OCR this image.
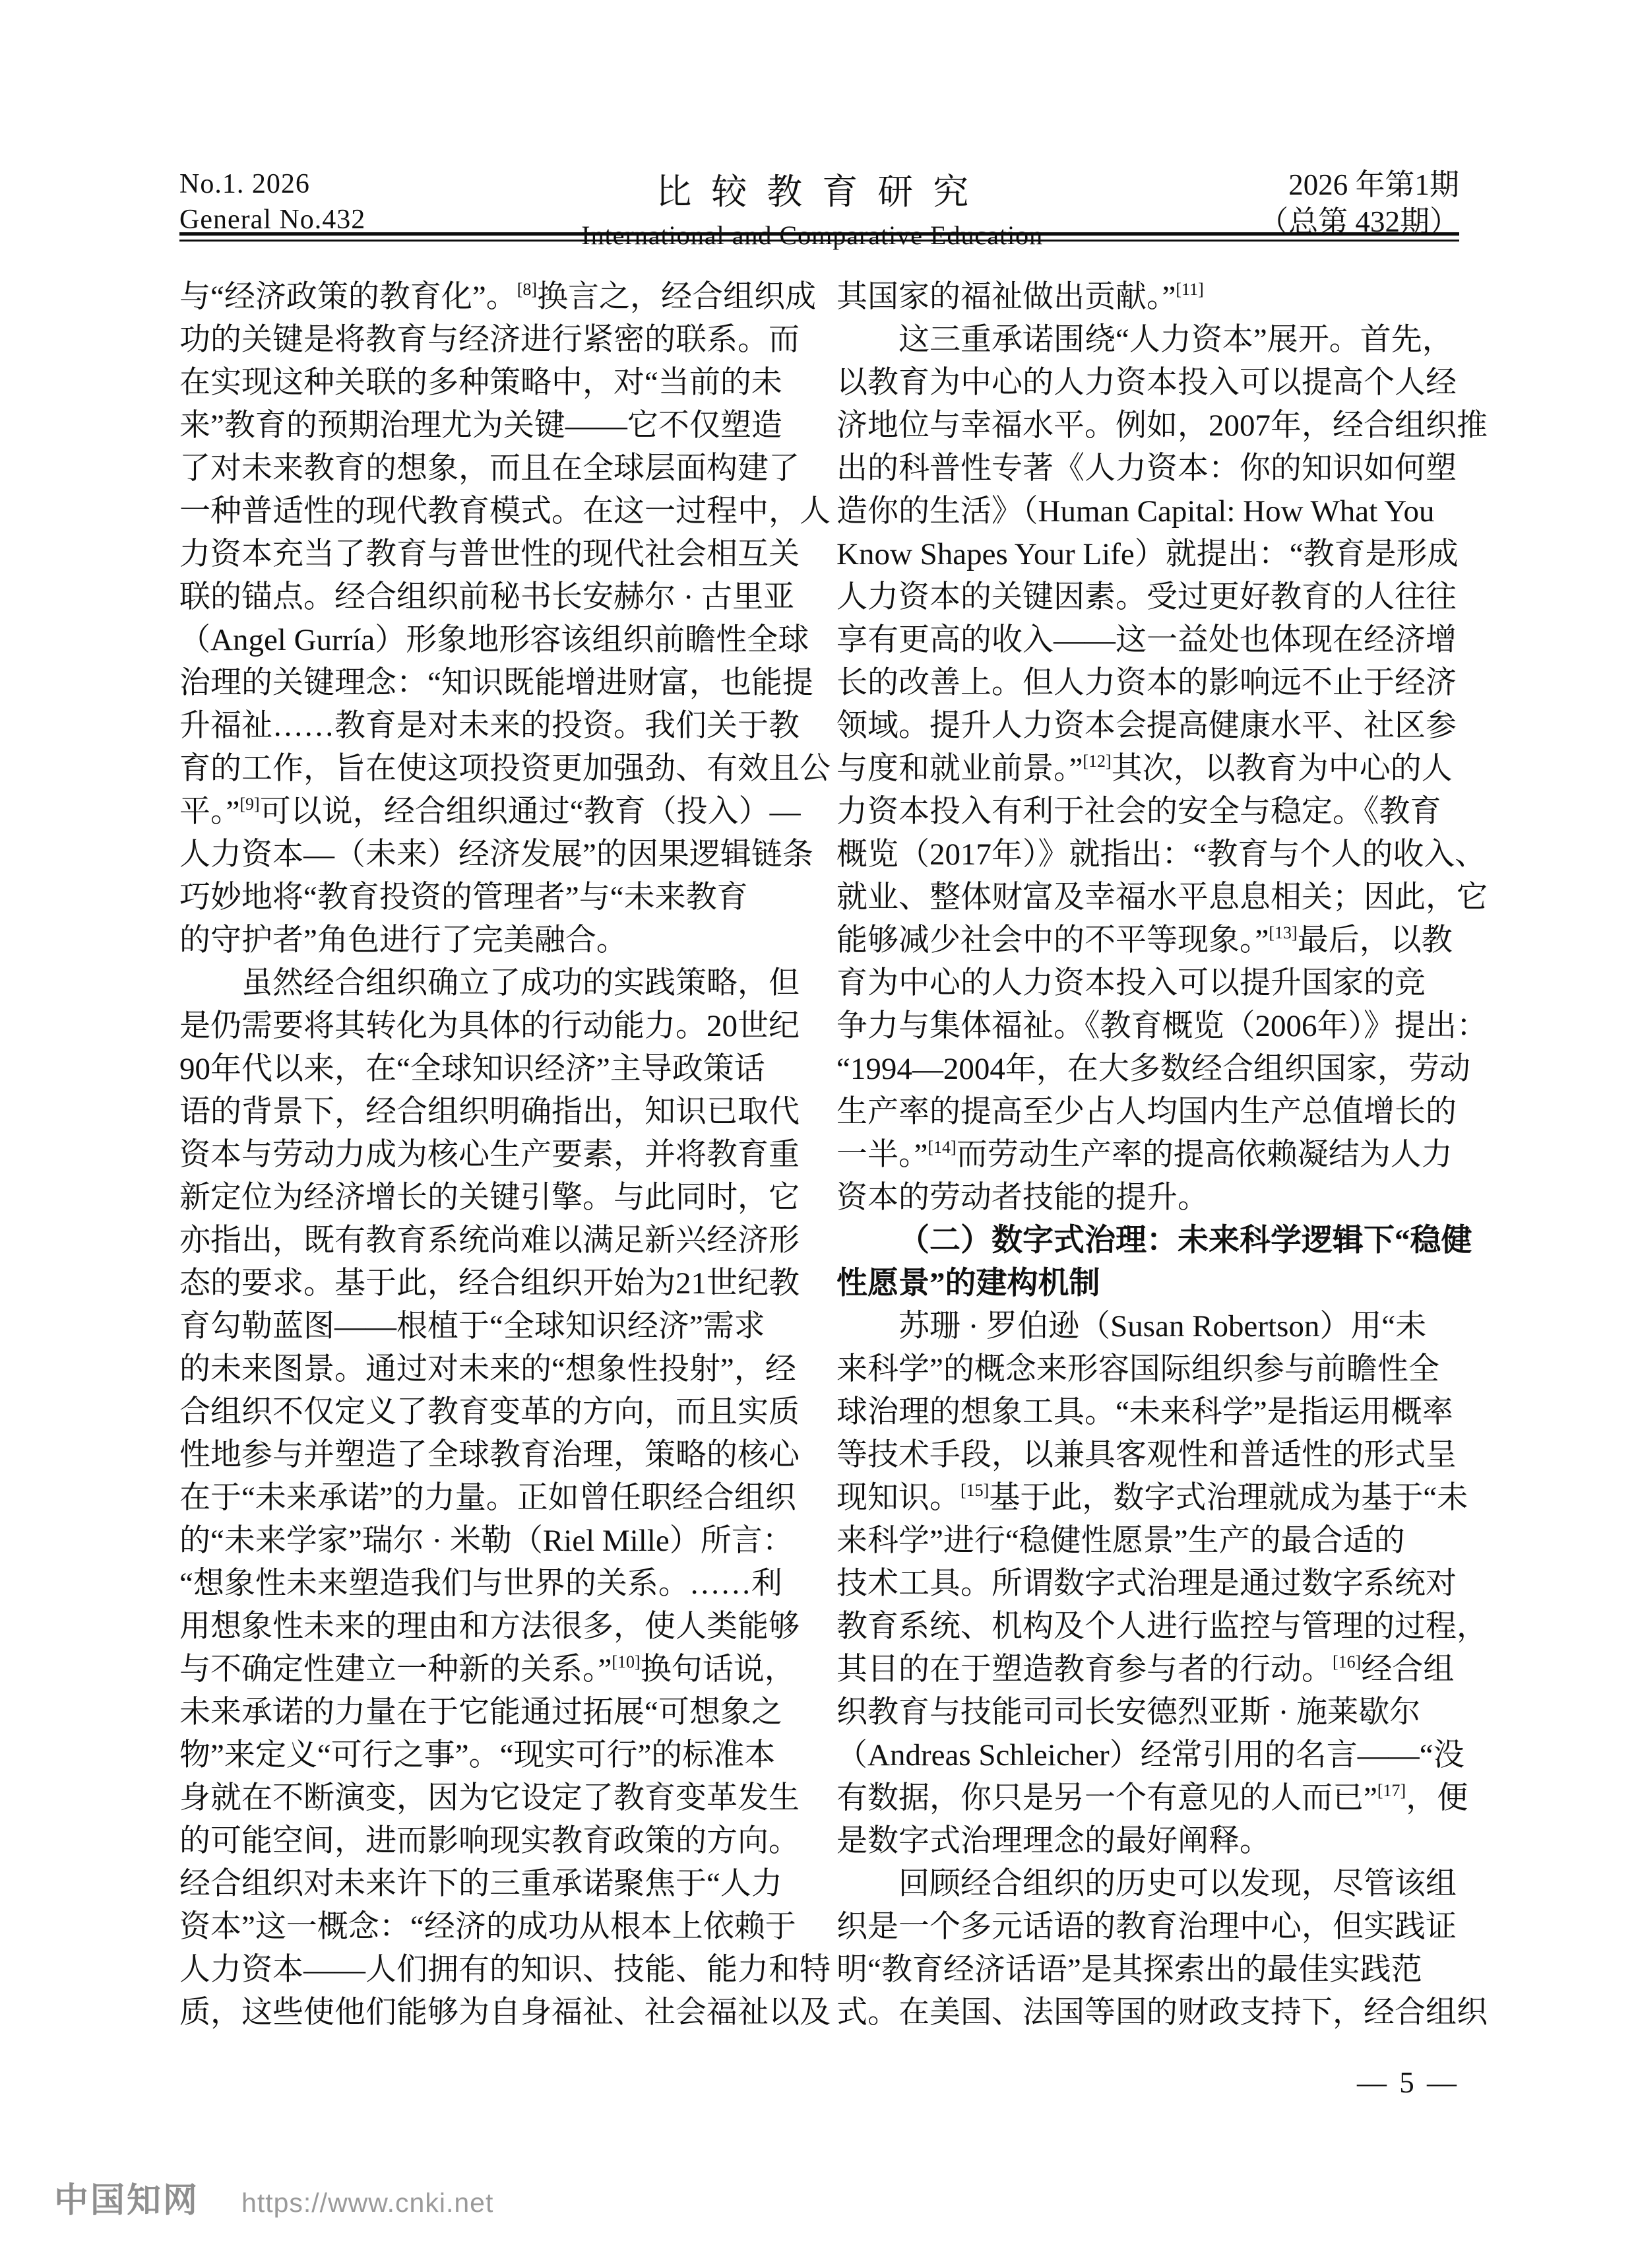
No.1. 2026
General No.432
比较教育研究
International and Comparative Education
2026 年第1期
（总第 432期）
与“经济政策的教育化”。[8]换言之，经合组织成
功的关键是将教育与经济进行紧密的联系。而
在实现这种关联的多种策略中，对“当前的未
来”教育的预期治理尤为关键——它不仅塑造
了对未来教育的想象，而且在全球层面构建了
一种普适性的现代教育模式。在这一过程中，人
力资本充当了教育与普世性的现代社会相互关
联的锚点。经合组织前秘书长安赫尔 · 古里亚
（Angel Gurría）形象地形容该组织前瞻性全球
治理的关键理念：“知识既能增进财富，也能提
升福祉……教育是对未来的投资。我们关于教
育的工作，旨在使这项投资更加强劲、有效且公
平。”[9]可以说，经合组织通过“教育（投入）—
人力资本—（未来）经济发展”的因果逻辑链条
巧妙地将“教育投资的管理者”与“未来教育
的守护者”角色进行了完美融合。
虽然经合组织确立了成功的实践策略，但
是仍需要将其转化为具体的行动能力。20世纪
90年代以来，在“全球知识经济”主导政策话
语的背景下，经合组织明确指出，知识已取代
资本与劳动力成为核心生产要素，并将教育重
新定位为经济增长的关键引擎。与此同时，它
亦指出，既有教育系统尚难以满足新兴经济形
态的要求。基于此，经合组织开始为21世纪教
育勾勒蓝图——根植于“全球知识经济”需求
的未来图景。通过对未来的“想象性投射”，经
合组织不仅定义了教育变革的方向，而且实质
性地参与并塑造了全球教育治理，策略的核心
在于“未来承诺”的力量。正如曾任职经合组织
的“未来学家”瑞尔 · 米勒（Riel Mille）所言：
“想象性未来塑造我们与世界的关系。……利
用想象性未来的理由和方法很多，使人类能够
与不确定性建立一种新的关系。”[10]换句话说，
未来承诺的力量在于它能通过拓展“可想象之
物”来定义“可行之事”。“现实可行”的标准本
身就在不断演变，因为它设定了教育变革发生
的可能空间，进而影响现实教育政策的方向。
经合组织对未来许下的三重承诺聚焦于“人力
资本”这一概念：“经济的成功从根本上依赖于
人力资本——人们拥有的知识、技能、能力和特
质，这些使他们能够为自身福祉、社会福祉以及
其国家的福祉做出贡献。”[11]
这三重承诺围绕“人力资本”展开。首先，
以教育为中心的人力资本投入可以提高个人经
济地位与幸福水平。例如，2007年，经合组织推
出的科普性专著《人力资本：你的知识如何塑
造你的生活》（Human Capital: How What You
Know Shapes Your Life）就提出：“教育是形成
人力资本的关键因素。受过更好教育的人往往
享有更高的收入——这一益处也体现在经济增
长的改善上。但人力资本的影响远不止于经济
领域。提升人力资本会提高健康水平、社区参
与度和就业前景。”[12]其次，以教育为中心的人
力资本投入有利于社会的安全与稳定。《教育
概览（2017年）》就指出：“教育与个人的收入、
就业、整体财富及幸福水平息息相关；因此，它
能够减少社会中的不平等现象。”[13]最后，以教
育为中心的人力资本投入可以提升国家的竞
争力与集体福祉。《教育概览（2006年）》提出：
“1994—2004年，在大多数经合组织国家，劳动
生产率的提高至少占人均国内生产总值增长的
一半。”[14]而劳动生产率的提高依赖凝结为人力
资本的劳动者技能的提升。
（二）数字式治理：未来科学逻辑下“稳健
性愿景”的建构机制
苏珊 · 罗伯逊（Susan Robertson）用“未
来科学”的概念来形容国际组织参与前瞻性全
球治理的想象工具。“未来科学”是指运用概率
等技术手段，以兼具客观性和普适性的形式呈
现知识。[15]基于此，数字式治理就成为基于“未
来科学”进行“稳健性愿景”生产的最合适的
技术工具。所谓数字式治理是通过数字系统对
教育系统、机构及个人进行监控与管理的过程，
其目的在于塑造教育参与者的行动。[16]经合组
织教育与技能司司长安德烈亚斯 · 施莱歇尔
（Andreas Schleicher）经常引用的名言——“没
有数据，你只是另一个有意见的人而已”[17]，便
是数字式治理理念的最好阐释。
回顾经合组织的历史可以发现，尽管该组
织是一个多元话语的教育治理中心，但实践证
明“教育经济话语”是其探索出的最佳实践范
式。在美国、法国等国的财政支持下，经合组织
— 5 —
中国知网 https://www.cnki.net
